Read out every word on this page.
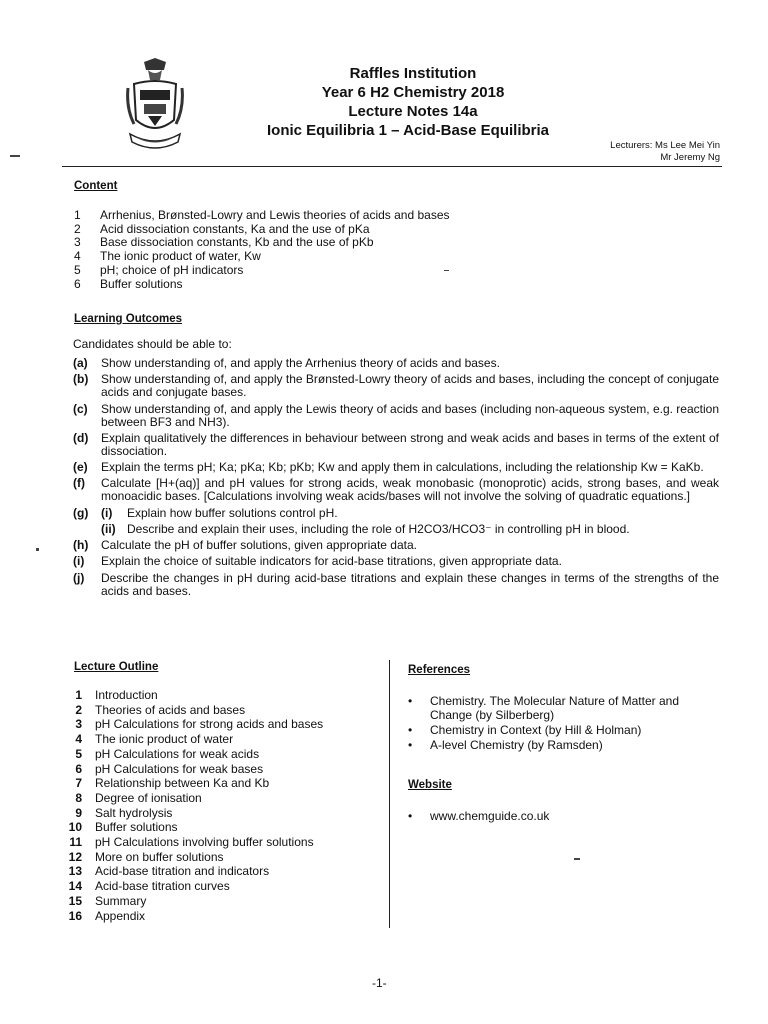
Raffles Institution
Year 6 H2 Chemistry 2018
Lecture Notes 14a
Ionic Equilibria 1 – Acid-Base Equilibria
Lecturers: Ms Lee Mei Yin
Mr Jeremy Ng
Content
1	Arrhenius, Brønsted-Lowry and Lewis theories of acids and bases
2	Acid dissociation constants, Ka and the use of pKa
3	Base dissociation constants, Kb and the use of pKb
4	The ionic product of water, Kw
5	pH; choice of pH indicators
6	Buffer solutions
Learning Outcomes
Candidates should be able to:
(a)	Show understanding of, and apply the Arrhenius theory of acids and bases.
(b)	Show understanding of, and apply the Brønsted-Lowry theory of acids and bases, including the concept of conjugate acids and conjugate bases.
(c)	Show understanding of, and apply the Lewis theory of acids and bases (including non-aqueous system, e.g. reaction between BF3 and NH3).
(d)	Explain qualitatively the differences in behaviour between strong and weak acids and bases in terms of the extent of dissociation.
(e)	Explain the terms pH; Ka; pKa; Kb; pKb; Kw and apply them in calculations, including the relationship Kw = KaKb.
(f)	Calculate [H+(aq)] and pH values for strong acids, weak monobasic (monoprotic) acids, strong bases, and weak monoacidic bases. [Calculations involving weak acids/bases will not involve the solving of quadratic equations.]
(g)	(i)	Explain how buffer solutions control pH.
(ii) Describe and explain their uses, including the role of H2CO3/HCO3⁻ in controlling pH in blood.
(h)	Calculate the pH of buffer solutions, given appropriate data.
(i)	Explain the choice of suitable indicators for acid-base titrations, given appropriate data.
(j)	Describe the changes in pH during acid-base titrations and explain these changes in terms of the strengths of the acids and bases.
Lecture Outline
1 Introduction
2 Theories of acids and bases
3 pH Calculations for strong acids and bases
4 The ionic product of water
5 pH Calculations for weak acids
6 pH Calculations for weak bases
7 Relationship between Ka and Kb
8 Degree of ionisation
9 Salt hydrolysis
10 Buffer solutions
11 pH Calculations involving buffer solutions
12 More on buffer solutions
13 Acid-base titration and indicators
14 Acid-base titration curves
15 Summary
16 Appendix
References
•	Chemistry. The Molecular Nature of Matter and Change (by Silberberg)
•	Chemistry in Context (by Hill & Holman)
•	A-level Chemistry (by Ramsden)
Website
•	www.chemguide.co.uk
-1-
